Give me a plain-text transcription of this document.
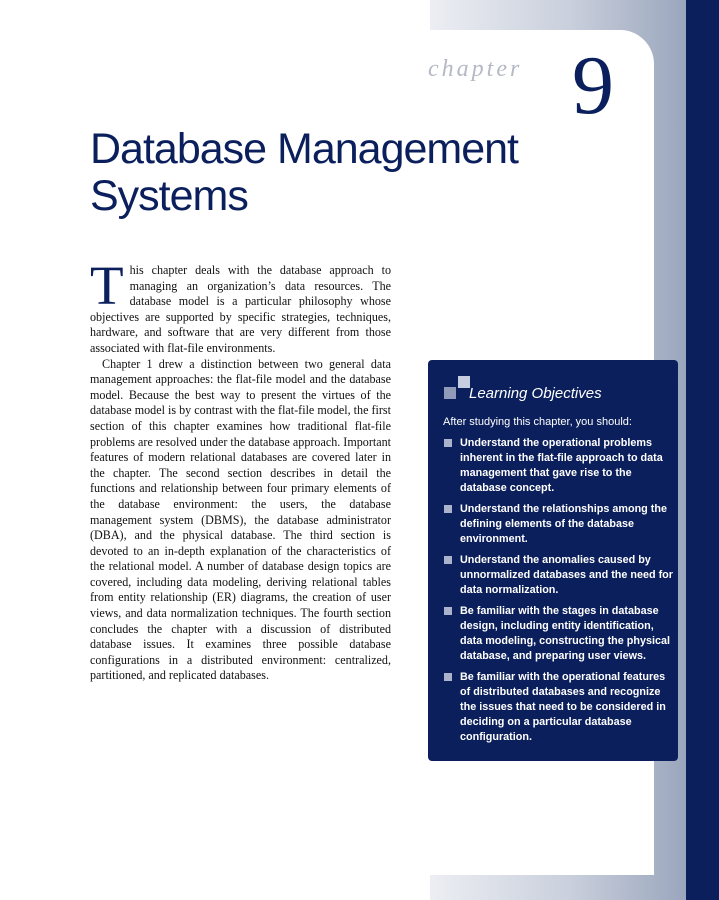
chapter 9
Database Management
Systems

This chapter deals with the database approach to managing an organization’s data resources. The database model is a particular philosophy whose objectives are supported by specific strategies, techniques, hardware, and software that are very different from those associated with flat-file environments.

Chapter 1 drew a distinction between two general data management approaches: the flat-file model and the database model. Because the best way to present the virtues of the database model is by contrast with the flat-file model, the first section of this chapter examines how traditional flat-file problems are resolved under the database approach. Important features of modern relational databases are covered later in the chapter. The second section describes in detail the functions and relationship between four primary elements of the database environment: the users, the database management system (DBMS), the database administrator (DBA), and the physical database. The third section is devoted to an in-depth explanation of the characteristics of the relational model. A number of database design topics are covered, including data modeling, deriving relational tables from entity relationship (ER) diagrams, the creation of user views, and data normalization techniques. The fourth section concludes the chapter with a discussion of distributed database issues. It examines three possible database configurations in a distributed environment: centralized, partitioned, and replicated databases.

Learning Objectives
After studying this chapter, you should:
Understand the operational problems inherent in the flat-file approach to data management that gave rise to the database concept.
Understand the relationships among the defining elements of the database environment.
Understand the anomalies caused by unnormalized databases and the need for data normalization.
Be familiar with the stages in database design, including entity identification, data modeling, constructing the physical database, and preparing user views.
Be familiar with the operational features of distributed databases and recognize the issues that need to be considered in deciding on a particular database configuration.
